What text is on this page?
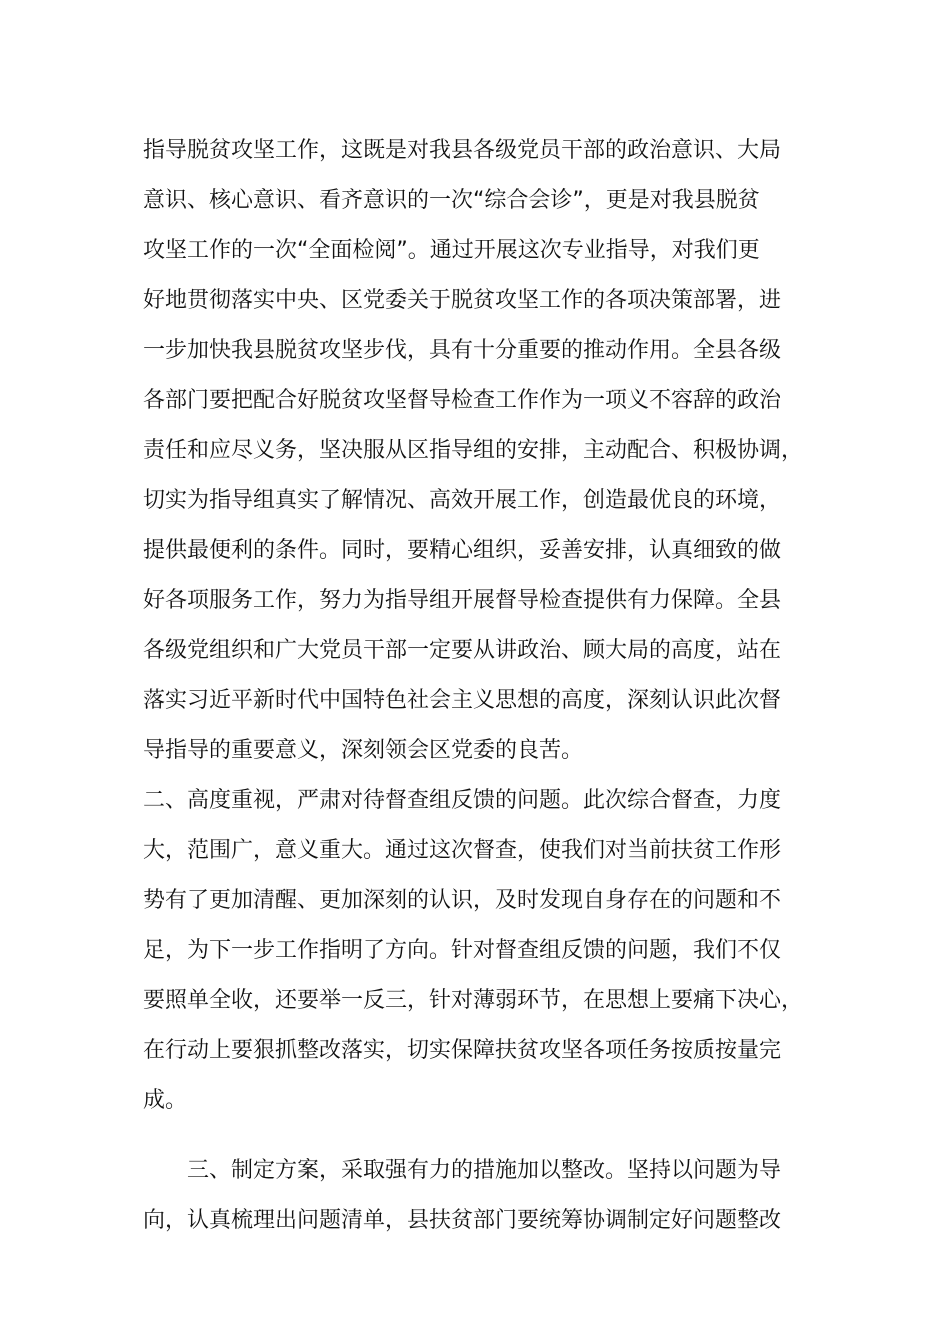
指导脱贫攻坚工作，这既是对我县各级党员干部的政治意识、大局
意识、核心意识、看齐意识的一次“综合会诊”，更是对我县脱贫
攻坚工作的一次“全面检阅”。通过开展这次专业指导，对我们更
好地贯彻落实中央、区党委关于脱贫攻坚工作的各项决策部署，进
一步加快我县脱贫攻坚步伐，具有十分重要的推动作用。全县各级
各部门要把配合好脱贫攻坚督导检查工作作为一项义不容辞的政治
责任和应尽义务，坚决服从区指导组的安排，主动配合、积极协调，
切实为指导组真实了解情况、高效开展工作，创造最优良的环境，
提供最便利的条件。同时，要精心组织，妥善安排，认真细致的做
好各项服务工作，努力为指导组开展督导检查提供有力保障。全县
各级党组织和广大党员干部一定要从讲政治、顾大局的高度，站在
落实习近平新时代中国特色社会主义思想的高度，深刻认识此次督
导指导的重要意义，深刻领会区党委的良苦。
二、高度重视，严肃对待督查组反馈的问题。此次综合督查，力度
大，范围广，意义重大。通过这次督查，使我们对当前扶贫工作形
势有了更加清醒、更加深刻的认识，及时发现自身存在的问题和不
足，为下一步工作指明了方向。针对督查组反馈的问题，我们不仅
要照单全收，还要举一反三，针对薄弱环节，在思想上要痛下决心，
在行动上要狠抓整改落实，切实保障扶贫攻坚各项任务按质按量完
成。
三、制定方案，采取强有力的措施加以整改。坚持以问题为导
向，认真梳理出问题清单，县扶贫部门要统筹协调制定好问题整改
